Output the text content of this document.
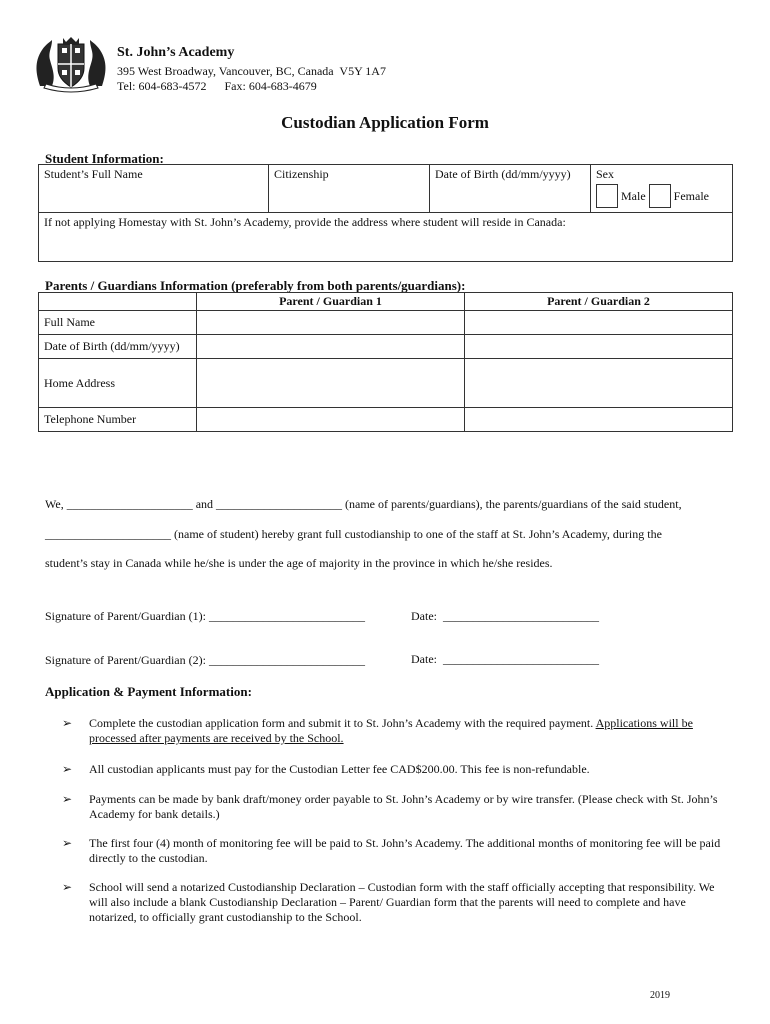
St. John’s Academy
395 West Broadway, Vancouver, BC, Canada  V5Y 1A7
Tel: 604-683-4572      Fax: 604-683-4679
Custodian Application Form
Student Information:
Student’s Full Name	Citizenship	Date of Birth (dd/mm/yyyy)	Sex
Male Female

If not applying Homestay with St. John’s Academy, provide the address where student will reside in Canada:
Parents / Guardians Information (preferably from both parents/guardians):
	Parent / Guardian 1	Parent / Guardian 2
Full Name		
Date of Birth (dd/mm/yyyy)		
Home Address		
Telephone Number		
We, _____________________ and _____________________ (name of parents/guardians), the parents/guardians of the said student,
_____________________ (name of student) hereby grant full custodianship to one of the staff at St. John’s Academy, during the
student’s stay in Canada while he/she is under the age of majority in the province in which he/she resides.
Signature of Parent/Guardian (1): __________________________	Date:  __________________________
Signature of Parent/Guardian (2): __________________________	Date:  __________________________
Application & Payment Information:
➢	Complete the custodian application form and submit it to St. John’s Academy with the required payment. Applications will be processed after payments are received by the School.
➢	All custodian applicants must pay for the Custodian Letter fee CAD$200.00. This fee is non-refundable.
➢	Payments can be made by bank draft/money order payable to St. John’s Academy or by wire transfer. (Please check with St. John’s Academy for bank details.)
➢	The first four (4) month of monitoring fee will be paid to St. John’s Academy. The additional months of monitoring fee will be paid directly to the custodian.
➢	School will send a notarized Custodianship Declaration – Custodian form with the staff officially accepting that responsibility. We will also include a blank Custodianship Declaration – Parent/ Guardian form that the parents will need to complete and have notarized, to officially grant custodianship to the School.
2019
